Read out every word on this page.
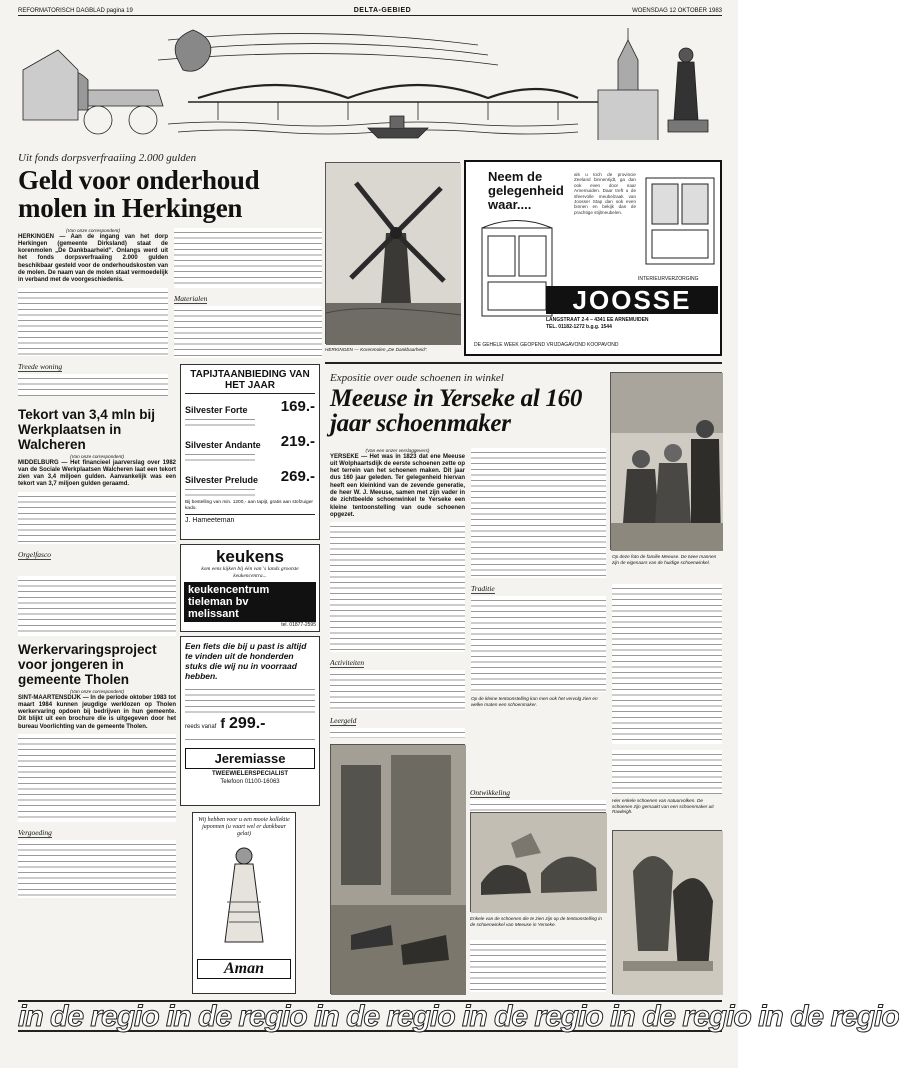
REFORMATORISCH DAGBLAD pagina 19	DELTA-GEBIED	WOENSDAG 12 OKTOBER 1983
Uit fonds dorpsverfraaiing 2.000 gulden
Geld voor onderhoud molen in Herkingen
(Van onze correspondent)
HERKINGEN — Aan de ingang van het dorp Herkingen (gemeente Dirksland) staat de korenmolen „De Dankbaarheid”. Onlangs werd uit het fonds dorpsverfraaiing 2.000 gulden beschikbaar gesteld voor de onderhoudskosten van de molen. De naam van de molen staat vermoedelijk in verband met de voorgeschiedenis.
Treede woning
Materialen
HERKINGEN — Korenmolen „De Dankbaarheid”.
Neem de
gelegenheid
waar....
als u toch de provincie Zeeland binnenrijdt, ga dan ook even door naar Arnemuiden. Daar treft u de sfeervolle meubelzaak van Joosse! Stap dan ook even binnen en bekijk dan de prachtige stijlmeubelen.
INTERIEURVERZORGING
JOOSSE
LANGSTRAAT 2-4 – 4341 EE ARNEMUIDEN
TEL. 01182-1272 b.g.g. 1544
DE GEHELE WEEK GEOPEND VRIJDAGAVOND KOOPAVOND
Tekort van 3,4 mln bij Werkplaatsen in Walcheren
(Van onze correspondent)
MIDDELBURG — Het financieel jaarverslag over 1982 van de Sociale Werkplaatsen Walcheren laat een tekort zien van 3,4 miljoen gulden. Aanvankelijk was een tekort van 3,7 miljoen gulden geraamd.
Orgelfasco
Werkervaringsproject voor jongeren in gemeente Tholen
(Van onze correspondent)
SINT-MAARTENSDIJK — In de periode oktober 1983 tot maart 1984 kunnen jeugdige werklozen op Tholen werkervaring opdoen bij bedrijven in hun gemeente. Dit blijkt uit een brochure die is uitgegeven door het bureau Voorlichting van de gemeente Tholen.
Vergoeding
TAPIJTAANBIEDING VAN HET JAAR
Silvester Forte	169.-
Silvester Andante 219.-
Silvester Prelude	269.-
Bij bestelling van min. 1200,- aan tapijt, gratis aan stofzuiger kado.
J. Hameeteman
keukens
kom eens kijken bij één van 's lands grootste keukencentra...
keukencentrum
tieleman bv
melissant
tel. 01877-2595
Een fiets die bij u past is altijd te vinden uit de honderden stuks die wij nu in voorraad hebben.
reeds vanaf f 299.-
Jeremiasse
TWEEWIELERSPECIALIST
Telefoon 01100-16063
Wij hebben voor u een mooie kollektie japonnen (u vaart wel er dankbaar gelat)
Aman
Expositie over oude schoenen in winkel
Meeuse in Yerseke al 160 jaar schoenmaker
Op deze foto de familie Meeuse. De twee mannen zijn de eigenaars van de huidige schoenwinkel.
(Van een onzer verslaggevers)
YERSEKE — Het was in 1823 dat ene Meeuse uit Wolphaartsdijk de eerste schoenen zette op het terrein van het schoenen maken. Dit jaar dus 160 jaar geleden. Ter gelegenheid hiervan heeft een kleinkind van de zevende generatie, de heer W. J. Meeuse, samen met zijn vader in de zichtbeelde schoenwinkel te Yerseke een kleine tentoonstelling van oude schoenen opgezet.
Activiteiten
Leergeld
Traditie
Op de kleine tentoonstelling kan men ook het vervolg zien en welke maten een schoenmaker.
Ontwikkeling
Enkele van de schoenen die te zien zijn op de tentoonstelling in de schoenwinkel van Meeuse in Yerseke.
Hier enkele schoenen van natuurvolken. De schoenen zijn gemaakt van een schoenmaker uit Rawleigh.
in de regio in de regio in de regio in de regio in de regio in de regio
